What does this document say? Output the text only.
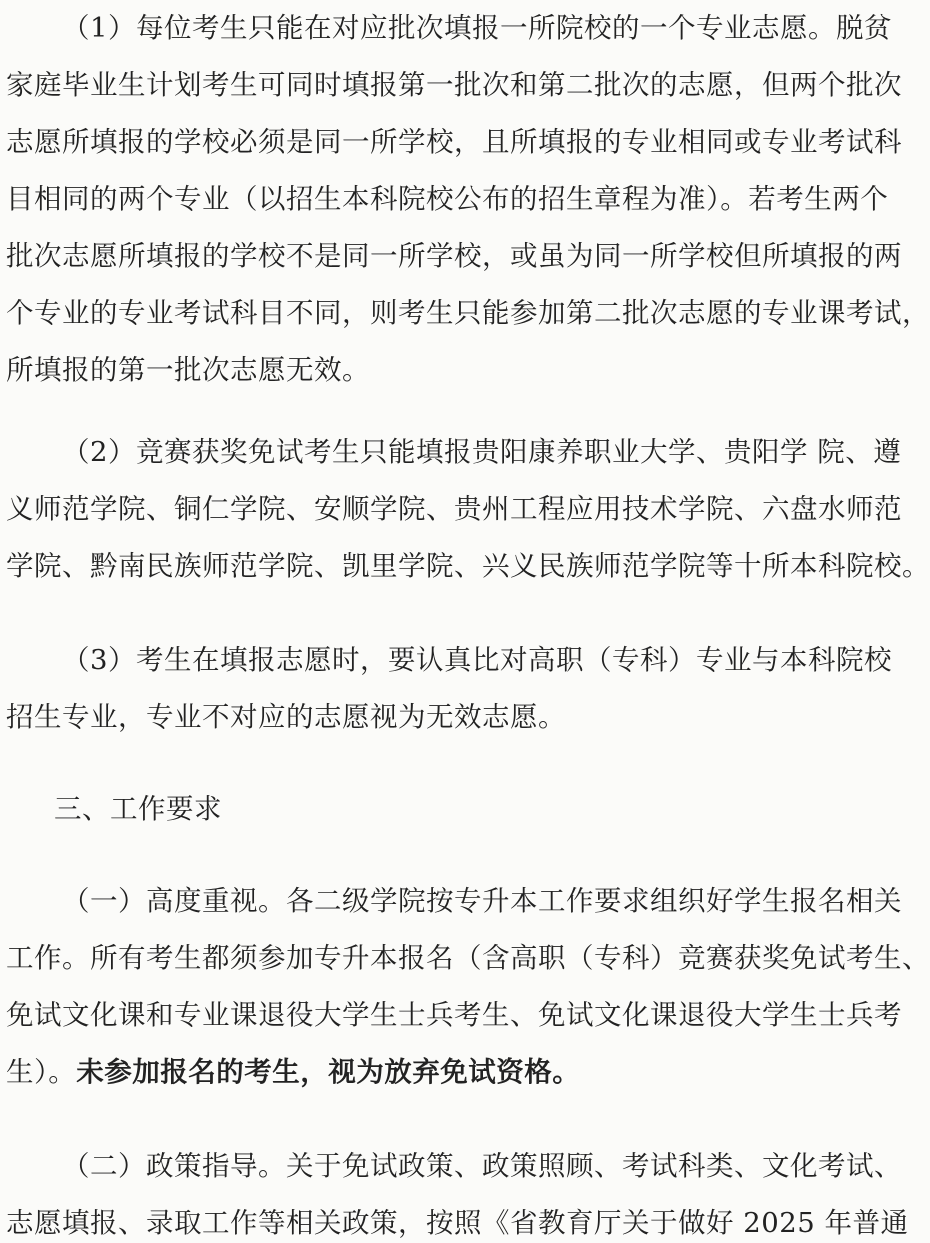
（1）每位考生只能在对应批次填报一所院校的一个专业志愿。脱贫
家庭毕业生计划考生可同时填报第一批次和第二批次的志愿，但两个批次
志愿所填报的学校必须是同一所学校，且所填报的专业相同或专业考试科
目相同的两个专业（以招生本科院校公布的招生章程为准）。若考生两个
批次志愿所填报的学校不是同一所学校，或虽为同一所学校但所填报的两
个专业的专业考试科目不同，则考生只能参加第二批次志愿的专业课考试，
所填报的第一批次志愿无效。
（2）竞赛获奖免试考生只能填报贵阳康养职业大学、贵阳学 院、遵
义师范学院、铜仁学院、安顺学院、贵州工程应用技术学院、六盘水师范
学院、黔南民族师范学院、凯里学院、兴义民族师范学院等十所本科院校。
（3）考生在填报志愿时，要认真比对高职（专科）专业与本科院校
招生专业，专业不对应的志愿视为无效志愿。
三、工作要求
（一）高度重视。各二级学院按专升本工作要求组织好学生报名相关
工作。所有考生都须参加专升本报名（含高职（专科）竞赛获奖免试考生、
免试文化课和专业课退役大学生士兵考生、免试文化课退役大学生士兵考
生）。未参加报名的考生，视为放弃免试资格。
（二）政策指导。关于免试政策、政策照顾、考试科类、文化考试、
志愿填报、录取工作等相关政策，按照《省教育厅关于做好 2025 年普通
